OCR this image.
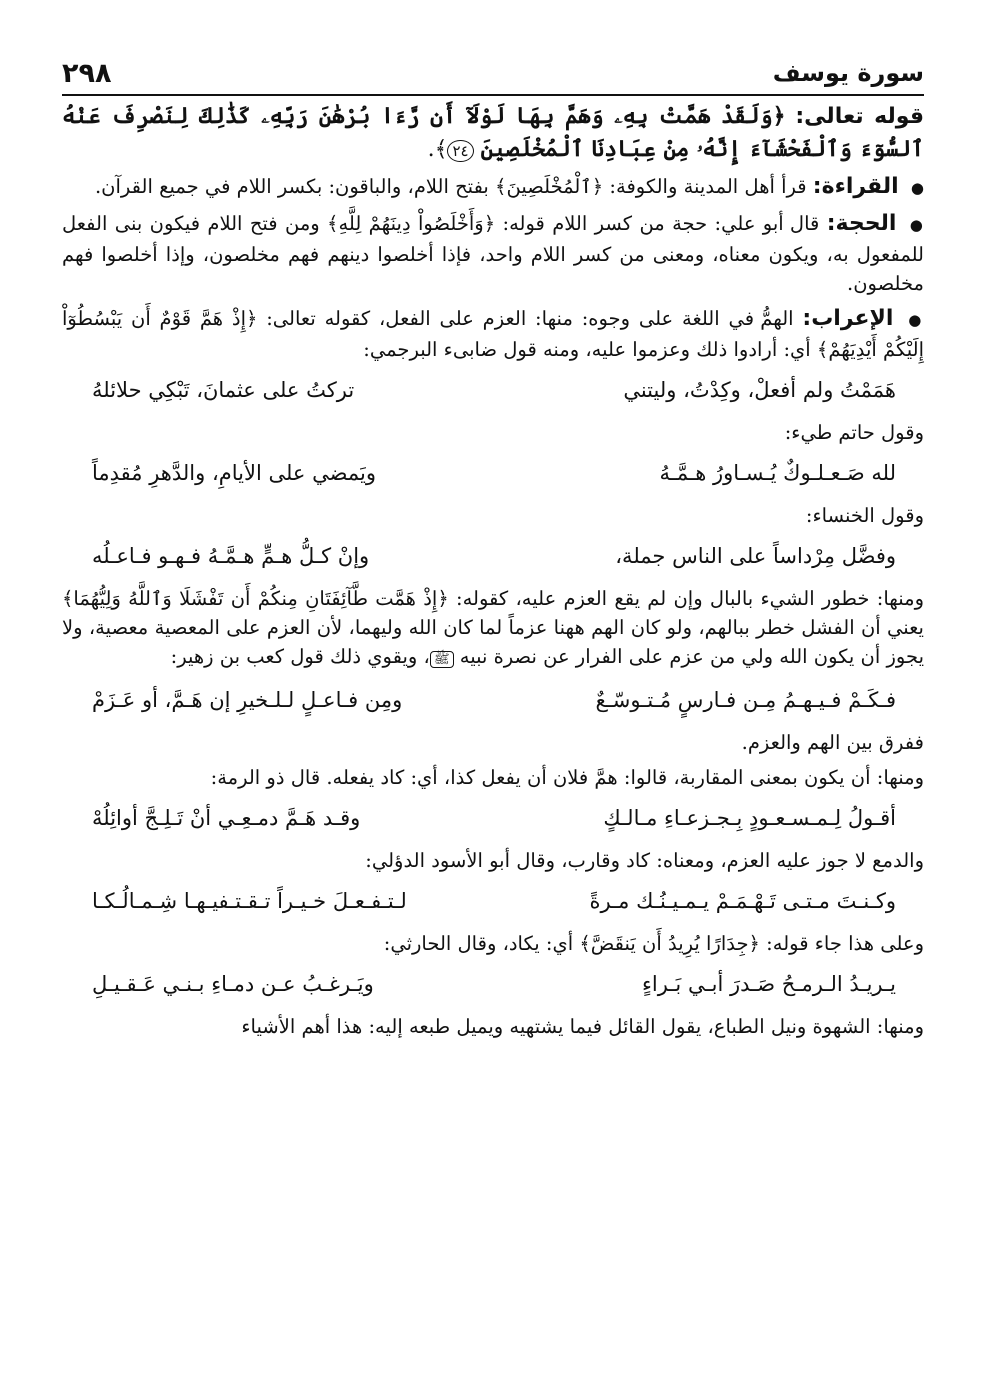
سورة يوسف
٢٩٨

قوله تعالى: ﴿وَلَقَدْ هَمَّتْ بِهِۦ وَهَمَّ بِهَا لَوْلَآ أَن رَّءَا بُرْهَٰنَ رَبِّهِۦ كَذَٰلِكَ لِنَصْرِفَ عَنْهُ ٱلسُّوٓءَ وَٱلْفَحْشَآءَ إِنَّهُۥ مِنْ عِبَادِنَا ٱلْمُخْلَصِينَ ٢٤﴾.

● القراءة: قرأ أهل المدينة والكوفة: ﴿ٱلْمُخْلَصِينَ﴾ بفتح اللام، والباقون: بكسر اللام في جميع القرآن.

● الحجة: قال أبو علي: حجة من كسر اللام قوله: ﴿وَأَخْلَصُواْ دِينَهُمْ لِلَّهِ﴾ ومن فتح اللام فيكون بنى الفعل للمفعول به، ويكون معناه، ومعنى من كسر اللام واحد، فإذا أخلصوا دينهم فهم مخلصون، وإذا أخلصوا فهم مخلصون.

● الإعراب: الهمُّ في اللغة على وجوه: منها: العزم على الفعل، كقوله تعالى: ﴿إِذْ هَمَّ قَوْمٌ أَن يَبْسُطُوٓاْ إِلَيْكُمْ أَيْدِيَهُمْ﴾ أي: أرادوا ذلك وعزموا عليه، ومنه قول ضابىء البرجمي:

هَمَمْتُ ولم أفعلْ، وكِدْتُ، وليتني
تركتُ على عثمانَ، تَبْكِي حلائلهُ

وقول حاتم طيء:

لله صَـعـلـوكٌ يُـسـاورُ هـمَّـهُ
ويَمضي على الأيامِ، والدَّهرِ مُقدِماً

وقول الخنساء:

وفضَّل مِرْداساً على الناس جملة،
وإنْ كـلُّ هـمٍّ هـمَّـهُ فـهـو فـاعـلُه

ومنها: خطور الشيء بالبال وإن لم يقع العزم عليه، كقوله: ﴿إِذْ هَمَّت طَّآئِفَتَانِ مِنكُمْ أَن تَفْشَلَا وَٱللَّهُ وَلِيُّهُمَا﴾ يعني أن الفشل خطر ببالهم، ولو كان الهم ههنا عزماً لما كان الله وليهما، لأن العزم على المعصية معصية، ولا يجوز أن يكون الله ولي من عزم على الفرار عن نصرة نبيه ﷺ، ويقوي ذلك قول كعب بن زهير:

فـكَـمْ فـيـهـمُ مِـن فـارسٍ مُـتـوسّـعٌ
ومِن فـاعـلٍ لـلـخيرِ إن هَـمَّ، أو عَـزَمْ

ففرق بين الهم والعزم.

ومنها: أن يكون بمعنى المقاربة، قالوا: همَّ فلان أن يفعل كذا، أي: كاد يفعله. قال ذو الرمة:

أقـولُ لِـمـسـعـودٍ بِـجـزعـاءِ مـالـكٍ
وقـد هَـمَّ دمـعِـي أنْ تَـلِـجَّ أوائِلُهْ

والدمع لا جوز عليه العزم، ومعناه: كاد وقارب، وقال أبو الأسود الدؤلي:

وكـنـتَ مـتـى تَـهْـمَـمْ يـمـيـنُـك مـرةً
لـتـفـعـلَ خـيـراً تـقـتـفيـهـا شِـمـالُـكـا

وعلى هذا جاء قوله: ﴿جِدَارًا يُرِيدُ أَن يَنقَضَّ﴾ أي: يكاد، وقال الحارثي:

يـريـدُ الـرمـحُ صَـدرَ أبـي بَـراءٍ
ويَـرغـبُ عـن دمـاءِ بـنـي عَـقـيـلِ

ومنها: الشهوة ونيل الطباع، يقول القائل فيما يشتهيه ويميل طبعه إليه: هذا أهم الأشياء
